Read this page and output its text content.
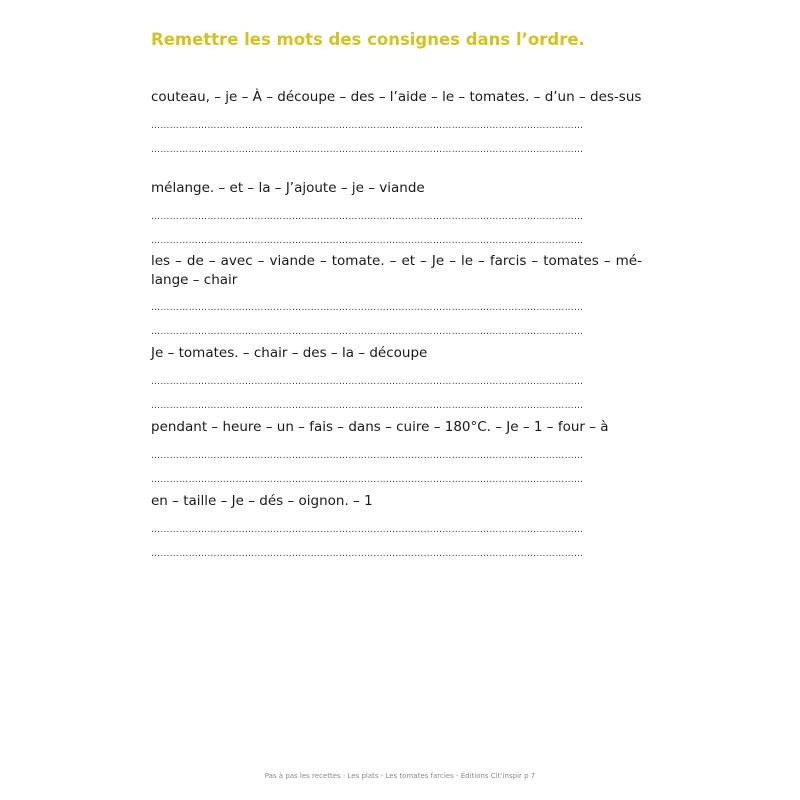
Remettre les mots des consignes dans l’ordre.

couteau, – je – À – découpe – des – l’aide – le – tomates. – d’un – des-sus

…………………………………………………………………………………………………………………………
…………………………………………………………………………………………………………………………

mélange. – et – la – J’ajoute – je – viande

…………………………………………………………………………………………………………………………
…………………………………………………………………………………………………………………………

les – de – avec – viande – tomate. – et – Je – le – farcis – tomates – mé-lange – chair

…………………………………………………………………………………………………………………………
…………………………………………………………………………………………………………………………

Je – tomates. – chair – des – la – découpe

…………………………………………………………………………………………………………………………
…………………………………………………………………………………………………………………………

pendant – heure – un – fais – dans – cuire – 180°C. – Je – 1 – four – à

…………………………………………………………………………………………………………………………
…………………………………………………………………………………………………………………………

en – taille – Je – dés – oignon. – 1

…………………………………………………………………………………………………………………………
…………………………………………………………………………………………………………………………
Pas à pas les recettes : Les plats - Les tomates farcies - Éditions Cit’inspir p 7
